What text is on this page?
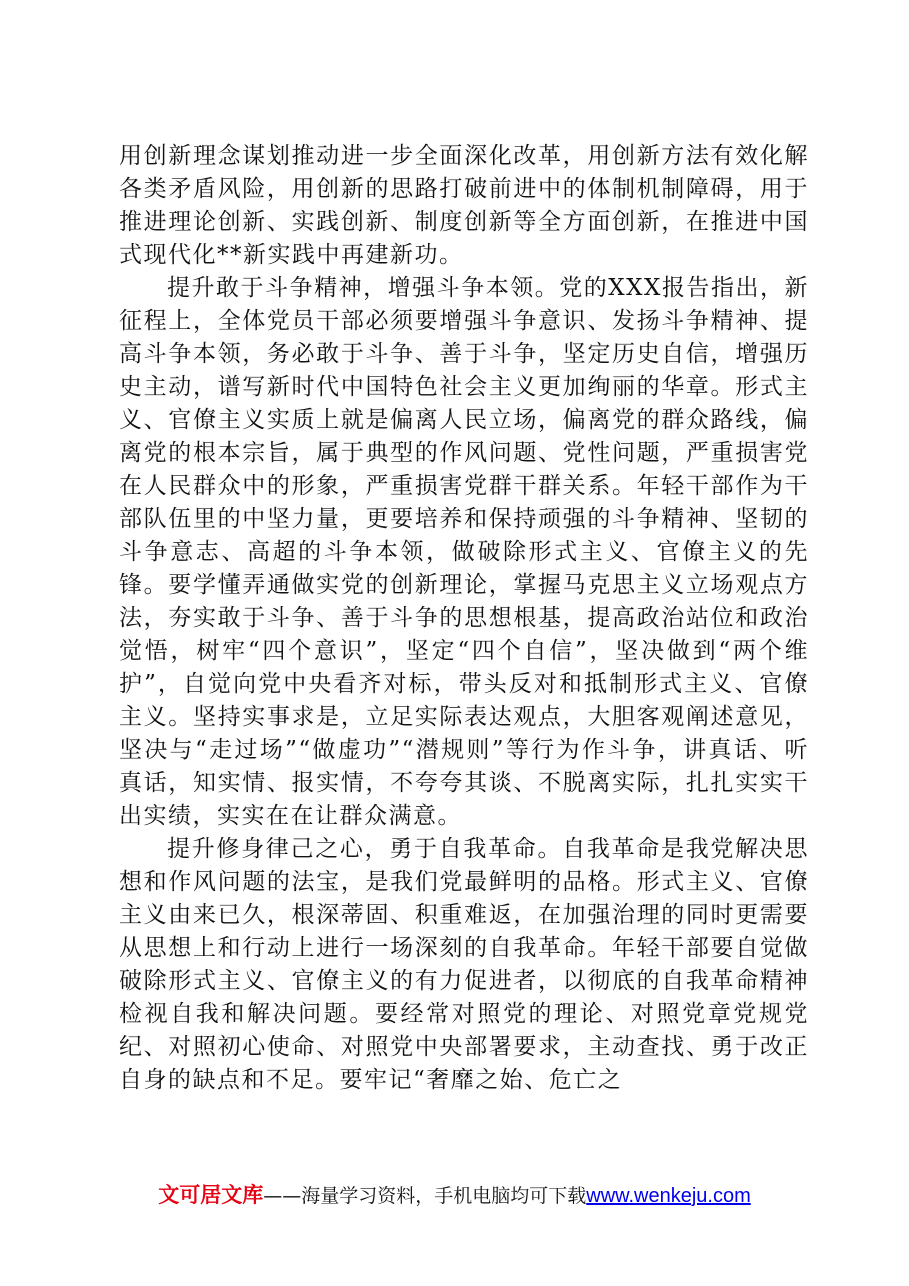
用创新理念谋划推动进一步全面深化改革，用创新方法有效化解各类矛盾风险，用创新的思路打破前进中的体制机制障碍，用于推进理论创新、实践创新、制度创新等全方面创新，在推进中国式现代化**新实践中再建新功。

提升敢于斗争精神，增强斗争本领。党的XXX报告指出，新征程上，全体党员干部必须要增强斗争意识、发扬斗争精神、提高斗争本领，务必敢于斗争、善于斗争，坚定历史自信，增强历史主动，谱写新时代中国特色社会主义更加绚丽的华章。形式主义、官僚主义实质上就是偏离人民立场，偏离党的群众路线，偏离党的根本宗旨，属于典型的作风问题、党性问题，严重损害党在人民群众中的形象，严重损害党群干群关系。年轻干部作为干部队伍里的中坚力量，更要培养和保持顽强的斗争精神、坚韧的斗争意志、高超的斗争本领，做破除形式主义、官僚主义的先锋。要学懂弄通做实党的创新理论，掌握马克思主义立场观点方法，夯实敢于斗争、善于斗争的思想根基，提高政治站位和政治觉悟，树牢“四个意识”，坚定“四个自信”，坚决做到“两个维护”，自觉向党中央看齐对标，带头反对和抵制形式主义、官僚主义。坚持实事求是，立足实际表达观点，大胆客观阐述意见，坚决与“走过场”“做虚功”“潜规则”等行为作斗争，讲真话、听真话，知实情、报实情，不夸夸其谈、不脱离实际，扎扎实实干出实绩，实实在在让群众满意。

提升修身律己之心，勇于自我革命。自我革命是我党解决思想和作风问题的法宝，是我们党最鲜明的品格。形式主义、官僚主义由来已久，根深蒂固、积重难返，在加强治理的同时更需要从思想上和行动上进行一场深刻的自我革命。年轻干部要自觉做破除形式主义、官僚主义的有力促进者，以彻底的自我革命精神检视自我和解决问题。要经常对照党的理论、对照党章党规党纪、对照初心使命、对照党中央部署要求，主动查找、勇于改正自身的缺点和不足。要牢记“奢靡之始、危亡之

文可居文库——海量学习资料，手机电脑均可下载www.wenkeju.com
